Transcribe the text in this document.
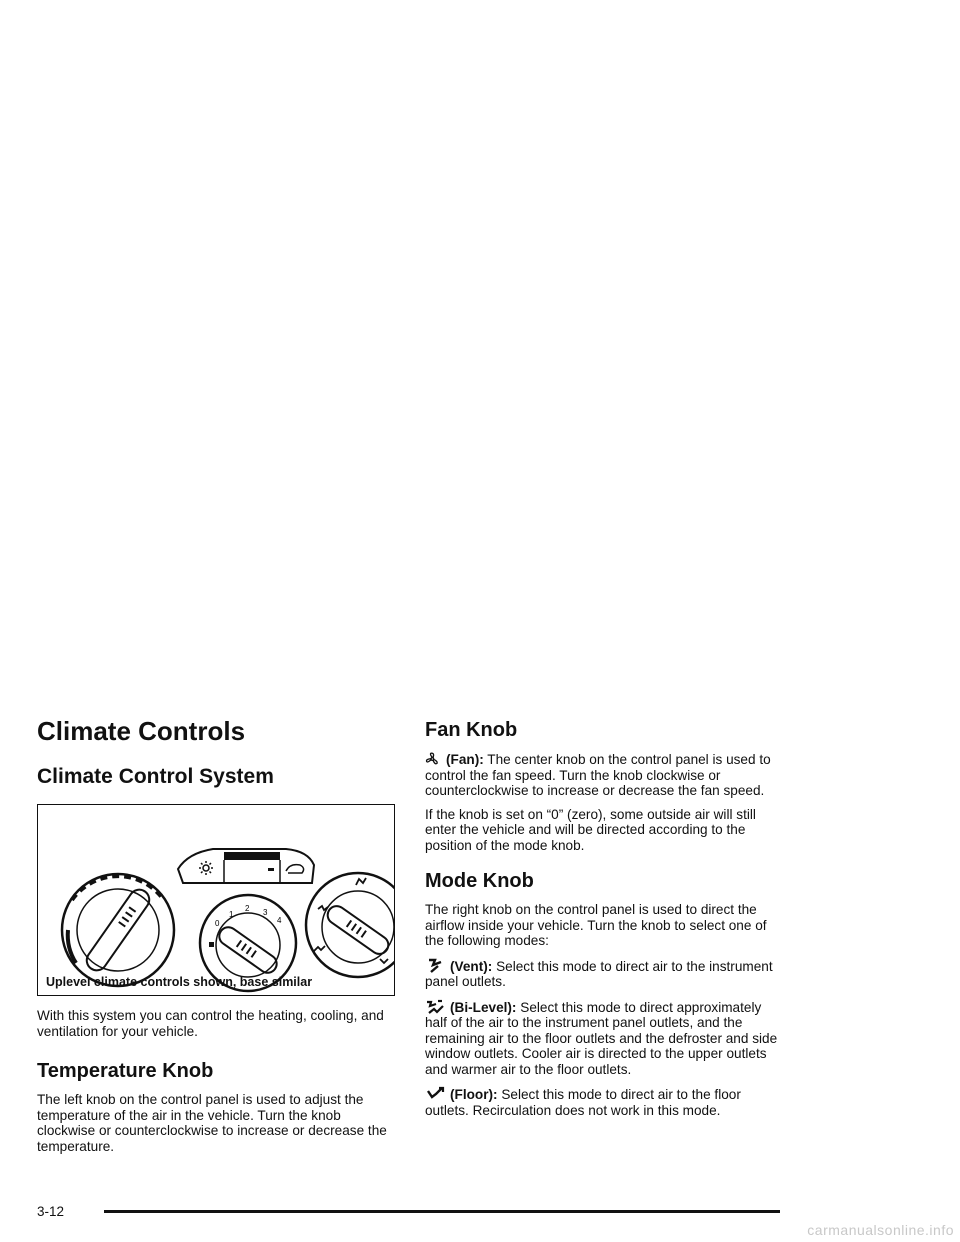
Climate Controls
Climate Control System
0
1
2 3
4
Uplevel climate controls shown, base similar

With this system you can control the heating, cooling, and ventilation for your vehicle.

Temperature Knob

The left knob on the control panel is used to adjust the temperature of the air in the vehicle. Turn the knob clockwise or counterclockwise to increase or decrease the temperature.

Fan Knob

(Fan): The center knob on the control panel is used to control the fan speed. Turn the knob clockwise or counterclockwise to increase or decrease the fan speed.

If the knob is set on “0” (zero), some outside air will still enter the vehicle and will be directed according to the position of the mode knob.

Mode Knob

The right knob on the control panel is used to direct the airflow inside your vehicle. Turn the knob to select one of the following modes:

(Vent): Select this mode to direct air to the instrument panel outlets.

(Bi-Level): Select this mode to direct approximately half of the air to the instrument panel outlets, and the remaining air to the floor outlets and the defroster and side window outlets. Cooler air is directed to the upper outlets and warmer air to the floor outlets.

(Floor): Select this mode to direct air to the floor outlets. Recirculation does not work in this mode.

3-12
carmanualsonline.info
